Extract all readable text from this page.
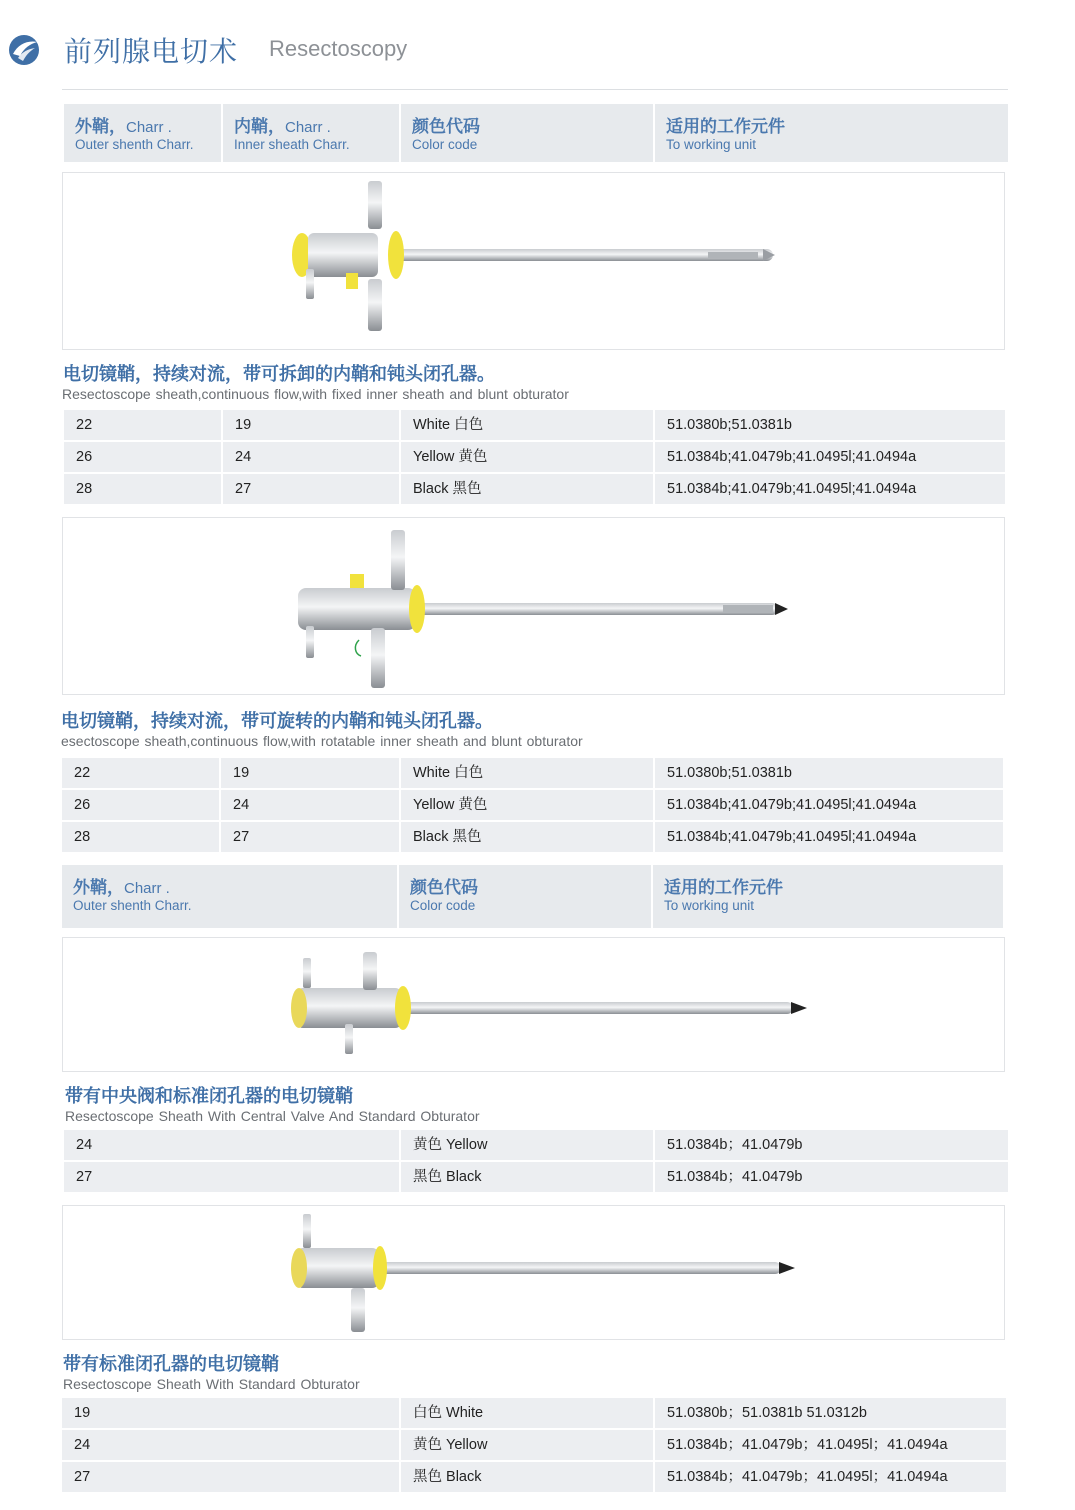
前列腺电切术 Resectoscopy
外鞘，Charr .
Outer shenth Charr.
内鞘，Charr .
Inner sheath Charr.
颜色代码
Color code
适用的工作元件
To working unit
电切镜鞘，持续对流，带可拆卸的内鞘和钝头闭孔器。
Resectoscope sheath,continuous flow,with fixed inner sheath and blunt obturator
22	19	White 白色	51.0380b;51.0381b
26	24	Yellow 黄色	51.0384b;41.0479b;41.0495l;41.0494a
28	27	Black 黑色	51.0384b;41.0479b;41.0495l;41.0494a
电切镜鞘，持续对流，带可旋转的内鞘和钝头闭孔器。
esectoscope sheath,continuous flow,with rotatable inner sheath and blunt obturator
22	19	White 白色	51.0380b;51.0381b
26	24	Yellow 黄色	51.0384b;41.0479b;41.0495l;41.0494a
28	27	Black 黑色	51.0384b;41.0479b;41.0495l;41.0494a
外鞘，Charr .
Outer shenth Charr.
颜色代码
Color code
适用的工作元件
To working unit
带有中央阀和标准闭孔器的电切镜鞘
Resectoscope Sheath With Central Valve And Standard Obturator
24	黄色 Yellow	51.0384b；41.0479b
27	黑色 Black	51.0384b；41.0479b
带有标准闭孔器的电切镜鞘
Resectoscope Sheath With Standard Obturator
19	白色 White	51.0380b；51.0381b 51.0312b
24	黄色 Yellow	51.0384b；41.0479b；41.0495l；41.0494a
27	黑色 Black	51.0384b；41.0479b；41.0495l；41.0494a
